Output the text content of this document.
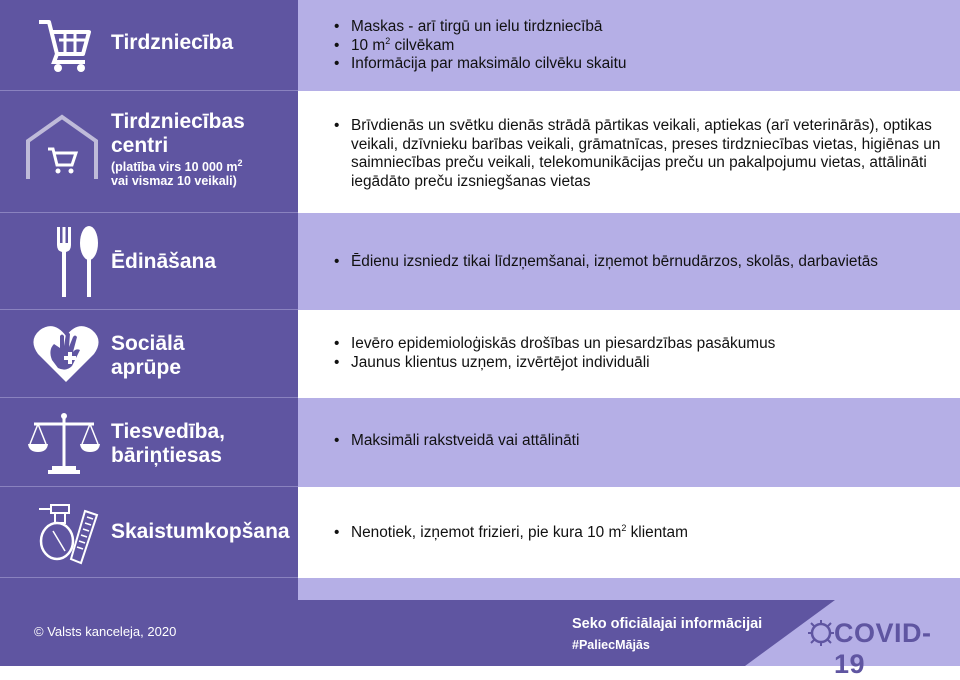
Tirdzniecība
• Maskas - arī tirgū un ielu tirdzniecībā
• 10 $m^2$ cilvēkam
• Informācija par maksimālo cilvēku skaitu
Tirdzniecības centri
(platība virs 10 000 $m^2$
vai vismaz 10 veikali)
• Brīvdienās un svētku dienās strādā pārtikas veikali, aptiekas (arī veterinārās), optikas veikali, dzīvnieku barības veikali, grāmatnīcas, preses tirdzniecības vietas, higiēnas un saimniecības preču veikali, telekomunikācijas preču un pakalpojumu vietas, attālināti iegādāto preču izsniegšanas vietas
Ēdināšana	• Ēdienu izsniedz tikai līdzņemšanai, izņemot bērnudārzos, skolās, darbavietās
Sociālā
aprūpe
• Ievēro epidemioloģiskās drošības un piesardzības pasākumus
• Jaunus klientus uzņem, izvērtējot individuāli
Tiesvedība,
bāriņtiesas
• Maksimāli rakstveidā vai attālināti
Skaistumkopšana	• Nenotiek, izņemot frizieri, pie kura 10 $m^2$ klientam
© Valsts kanceleja, 2020	Seko oficiālajai informācijai
#PaliecMājās	COVID-19
